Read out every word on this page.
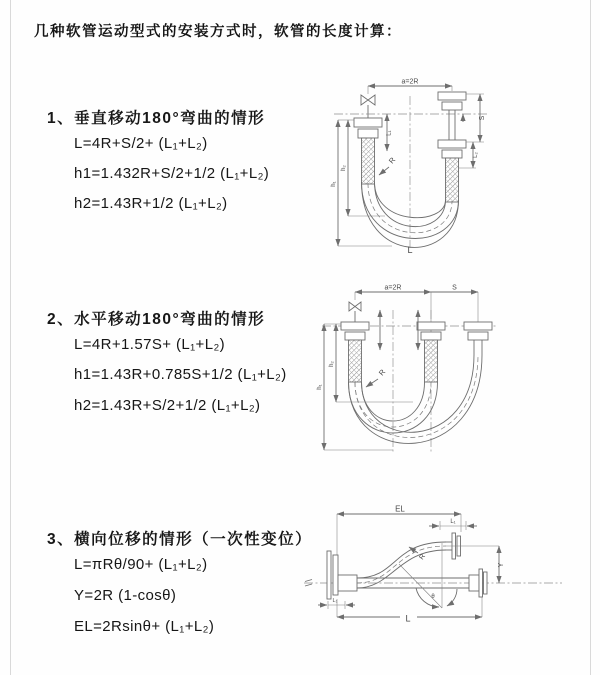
几种软管运动型式的安装方式时，软管的长度计算：
1、垂直移动180°弯曲的情形
L=4R+S/2+ (L₁+L₂)
h1=1.432R+S/2+1/2 (L₁+L₂)
h2=1.43R+1/2 (L₁+L₂)
2、水平移动180°弯曲的情形
L=4R+1.57S+ (L₁+L₂)
h1=1.43R+0.785S+1/2 (L₁+L₂)
h2=1.43R+S/2+1/2 (L₁+L₂)
3、横向位移的情形（一次性变位）
L=πRθ/90+ (L₁+L₂)
Y=2R (1-cosθ)
EL=2Rsinθ+ (L₁+L₂)
a=2R
L₁
S
L₂
R
h₁
h₂
L
a=2R	S
R
h₁
h₂
EL
L₁
Y
R
θ
L₁
L
